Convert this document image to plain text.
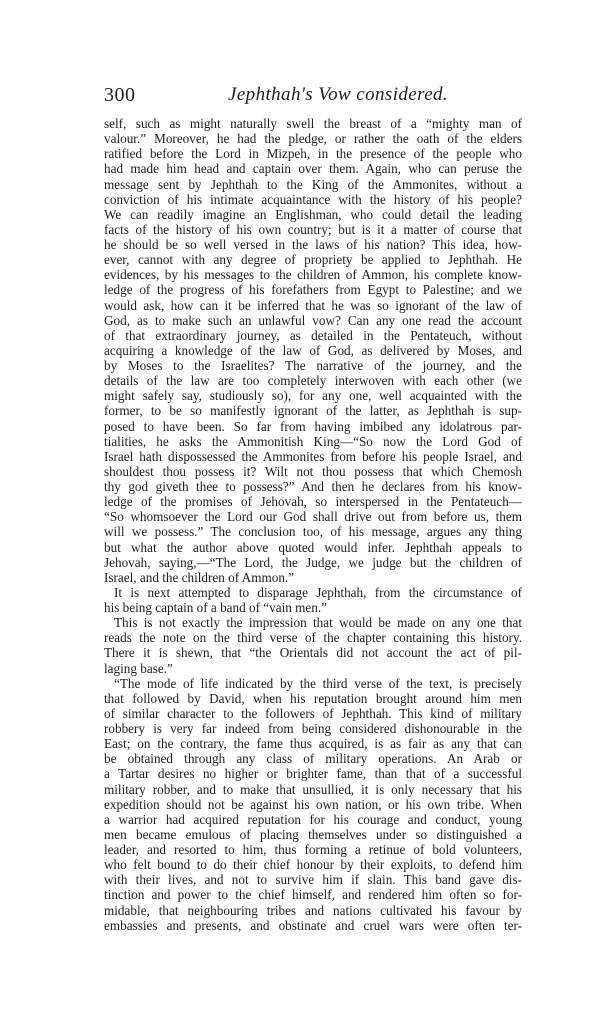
300	Jephthah's Vow considered.
self, such as might naturally swell the breast of a “mighty man of
valour.” Moreover, he had the pledge, or rather the oath of the elders
ratified before the Lord in Mizpeh, in the presence of the people who
had made him head and captain over them. Again, who can peruse the
message sent by Jephthah to the King of the Ammonites, without a
conviction of his intimate acquaintance with the history of his people?
We can readily imagine an Englishman, who could detail the leading
facts of the history of his own country; but is it a matter of course that
he should be so well versed in the laws of his nation? This idea, how-
ever, cannot with any degree of propriety be applied to Jephthah. He
evidences, by his messages to the children of Ammon, his complete know-
ledge of the progress of his forefathers from Egypt to Palestine; and we
would ask, how can it be inferred that he was so ignorant of the law of
God, as to make such an unlawful vow? Can any one read the account
of that extraordinary journey, as detailed in the Pentateuch, without
acquiring a knowledge of the law of God, as delivered by Moses, and
by Moses to the Israelites? The narrative of the journey, and the
details of the law are too completely interwoven with each other (we
might safely say, studiously so), for any one, well acquainted with the
former, to be so manifestly ignorant of the latter, as Jephthah is sup-
posed to have been. So far from having imbibed any idolatrous par-
tialities, he asks the Ammonitish King—“So now the Lord God of
Israel hath dispossessed the Ammonites from before his people Israel, and
shouldest thou possess it? Wilt not thou possess that which Chemosh
thy god giveth thee to possess?” And then he declares from his know-
ledge of the promises of Jehovah, so interspersed in the Pentateuch—
“So whomsoever the Lord our God shall drive out from before us, them
will we possess.” The conclusion too, of his message, argues any thing
but what the author above quoted would infer. Jephthah appeals to
Jehovah, saying,—“The Lord, the Judge, we judge but the children of
Israel, and the children of Ammon.”
It is next attempted to disparage Jephthah, from the circumstance of
his being captain of a band of “vain men.”
This is not exactly the impression that would be made on any one that
reads the note on the third verse of the chapter containing this history.
There it is shewn, that “the Orientals did not account the act of pil-
laging base.”
“The mode of life indicated by the third verse of the text, is precisely
that followed by David, when his reputation brought around him men
of similar character to the followers of Jephthah. This kind of military
robbery is very far indeed from being considered dishonourable in the
East; on the contrary, the fame thus acquired, is as fair as any that can
be obtained through any class of military operations. An Arab or
a Tartar desires no higher or brighter fame, than that of a successful
military robber, and to make that unsullied, it is only necessary that his
expedition should not be against his own nation, or his own tribe. When
a warrior had acquired reputation for his courage and conduct, young
men became emulous of placing themselves under so distinguished a
leader, and resorted to him, thus forming a retinue of bold volunteers,
who felt bound to do their chief honour by their exploits, to defend him
with their lives, and not to survive him if slain. This band gave dis-
tinction and power to the chief himself, and rendered him often so for-
midable, that neighbouring tribes and nations cultivated his favour by
embassies and presents, and obstinate and cruel wars were often ter-
